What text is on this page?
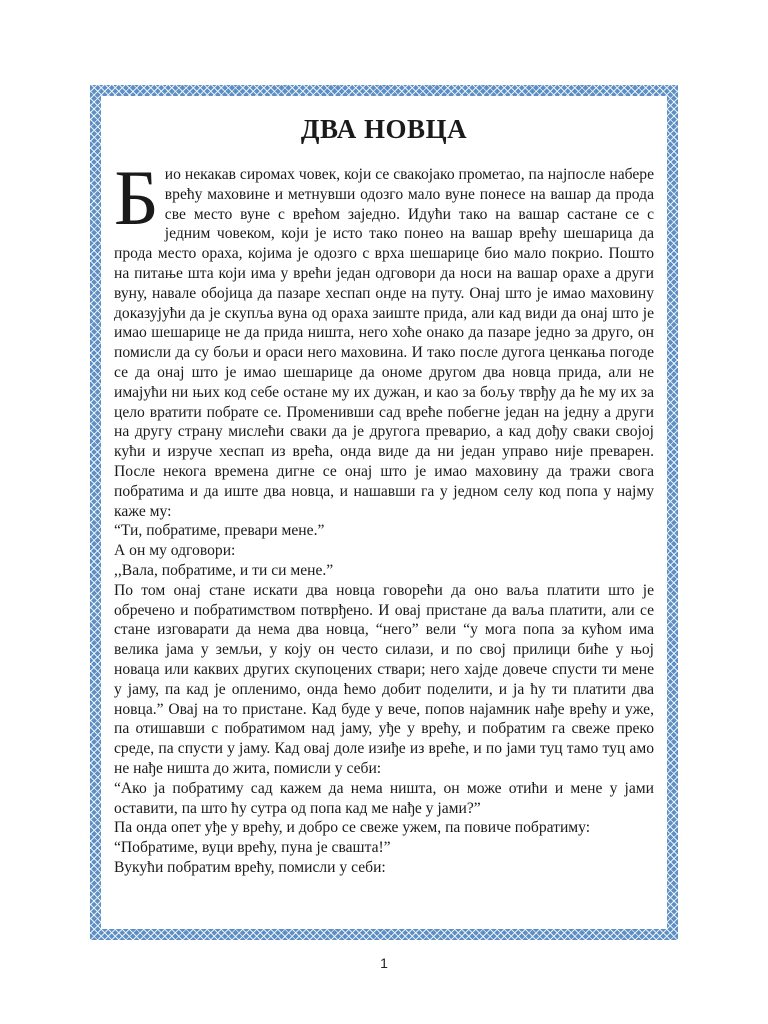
ДВА НОВЦА

Био некакав сиромах човек, који се свакојако прометао, па најпосле набере врећу маховине и метнувши одозго мало вуне понесе на вашар да прода све место вуне с врећом заједно. Идући тако на вашар састане се с једним човеком, који је исто тако понео на вашар врећу шешарица да прода место ораха, којима је одозго с врха шешарице био мало покрио. Пошто на питање шта који има у врећи један одговори да носи на вашар орахе а други вуну, навале обојица да пазаре хеспап онде на путу. Онај што је имао маховину доказујући да је скупља вуна од ораха заиште прида, али кад види да онај што је имао шешарице не да прида ништа, него хоће онако да пазаре једно за друго, он помисли да су бољи и ораси него маховина. И тако после дугога ценкања погоде се да онај што је имао шешарице да ономе другом два новца прида, али не имајући ни њих код себе остане му их дужан, и као за бољу тврђу да ће му их за цело вратити побрате се. Променивши сад вреће побегне један на једну а други на другу страну мислећи сваки да је другога преварио, а кад дођу сваки својој кући и изруче хеспап из врећа, онда виде да ни један управо није преварен. После некога времена дигне се онај што је имао маховину да тражи свога побратима и да иште два новца, и нашавши га у једном селу код попа у најму каже му:

“Ти, побратиме, превари мене.”

А он му одговори:

,,Вала, побратиме, и ти си мене.”

По том онај стане искати два новца говорећи да оно ваља платити што је обречено и побратимством потврђено. И овај пристане да ваља платити, али се стане изговарати да нема два новца, “него” вели “у мога попа за кућом има велика јама у земљи, у коју он често силази, и по свој прилици биће у њој новаца или каквих других скупоцених ствари; него хајде довече спусти ти мене у јаму, па кад је опленимо, онда ћемо добит поделити, и ја ћу ти платити два новца.” Овај на то пристане. Кад буде у вече, попов најамник нађе врећу и уже, па отишавши с побратимом над јаму, уђе у врећу, и побратим га свеже преко среде, па спусти у јаму. Кад овај доле изиђе из вреће, и по јами туц тамо туц амо не нађе ништа до жита, помисли у себи:

“Ако ја побратиму сад кажем да нема ништа, он може отићи и мене у јами оставити, па што ћу сутра од попа кад ме нађе у јами?”

Па онда опет уђе у врећу, и добро се свеже ужем, па повиче побратиму:

“Побратиме, вуци врећу, пуна је свашта!”

Вукући побратим врећу, помисли у себи:

1
